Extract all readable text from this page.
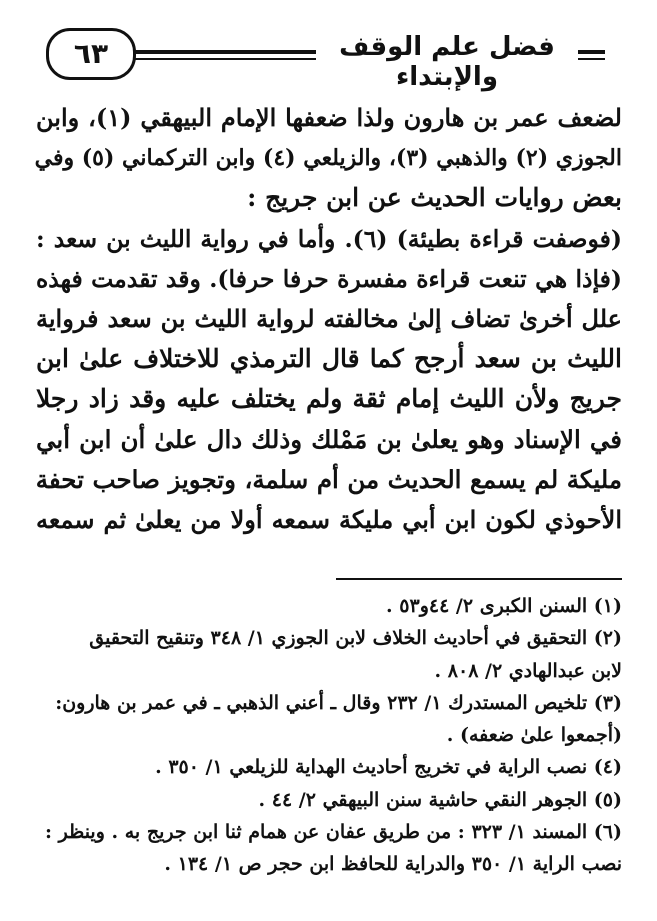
٦٣	فضل علم الوقف والإبتداء
لضعف عمر بن هارون ولذا ضعفها الإمام البيهقي (١)، وابن
الجوزي (٢) والذهبي (٣)، والزيلعي (٤) وابن التركماني (٥) وفي
بعض روايات الحديث عن ابن جريج :
(فوصفت قراءة بطيئة) (٦). وأما في رواية الليث بن سعد :
(فإذا هي تنعت قراءة مفسرة حرفا حرفا). وقد تقدمت فهذه
علل أخرىٰ تضاف إلىٰ مخالفته لرواية الليث بن سعد فرواية
الليث بن سعد أرجح كما قال الترمذي للاختلاف علىٰ ابن
جريج ولأن الليث إمام ثقة ولم يختلف عليه وقد زاد رجلا
في الإسناد وهو يعلىٰ بن مَمْلك وذلك دال علىٰ أن ابن أبي
مليكة لم يسمع الحديث من أم سلمة، وتجويز صاحب تحفة
الأحوذي لكون ابن أبي مليكة سمعه أولا من يعلىٰ ثم سمعه
(١) السنن الكبرى ٢/ ٤٤و٥٣ .
(٢) التحقيق في أحاديث الخلاف لابن الجوزي ١/ ٣٤٨ وتنقيح التحقيق
لابن عبدالهادي ٢/ ٨٠٨ .
(٣) تلخيص المستدرك ١/ ٢٣٢ وقال ـ أعني الذهبي ـ في عمر بن هارون:
(أجمعوا علىٰ ضعفه) .
(٤) نصب الراية في تخريج أحاديث الهداية للزيلعي ١/ ٣٥٠ .
(٥) الجوهر النقي حاشية سنن البيهقي ٢/ ٤٤ .
(٦) المسند ١/ ٣٢٣ : من طريق عفان عن همام ثنا ابن جريج به . وينظر :
نصب الراية ١/ ٣٥٠ والدراية للحافظ ابن حجر ص ١/ ١٣٤ .
